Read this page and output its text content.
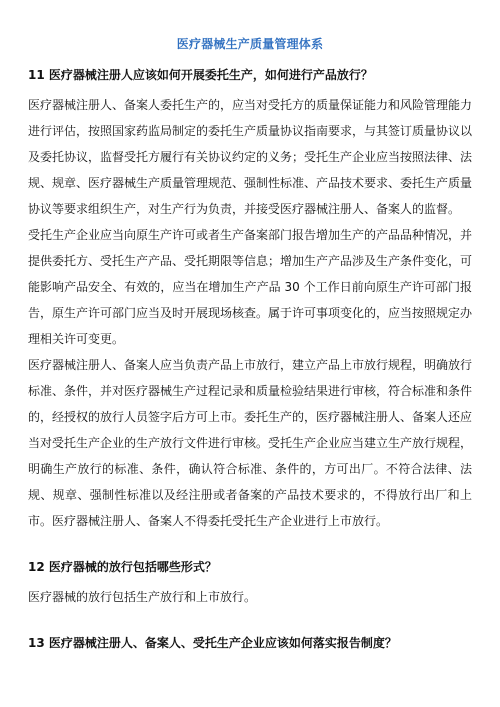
医疗器械生产质量管理体系
11 医疗器械注册人应该如何开展委托生产，如何进行产品放行？

医疗器械注册人、备案人委托生产的，应当对受托方的质量保证能力和风险管理能力进行评估，按照国家药监局制定的委托生产质量协议指南要求，与其签订质量协议以及委托协议，监督受托方履行有关协议约定的义务；受托生产企业应当按照法律、法规、规章、医疗器械生产质量管理规范、强制性标准、产品技术要求、委托生产质量协议等要求组织生产，对生产行为负责，并接受医疗器械注册人、备案人的监督。

受托生产企业应当向原生产许可或者生产备案部门报告增加生产的产品品种情况，并提供委托方、受托生产产品、受托期限等信息；增加生产产品涉及生产条件变化，可能影响产品安全、有效的，应当在增加生产产品 30 个工作日前向原生产许可部门报告，原生产许可部门应当及时开展现场核查。属于许可事项变化的，应当按照规定办理相关许可变更。

医疗器械注册人、备案人应当负责产品上市放行，建立产品上市放行规程，明确放行标准、条件，并对医疗器械生产过程记录和质量检验结果进行审核，符合标准和条件的，经授权的放行人员签字后方可上市。委托生产的，医疗器械注册人、备案人还应当对受托生产企业的生产放行文件进行审核。受托生产企业应当建立生产放行规程，明确生产放行的标准、条件，确认符合标准、条件的，方可出厂。不符合法律、法规、规章、强制性标准以及经注册或者备案的产品技术要求的，不得放行出厂和上市。医疗器械注册人、备案人不得委托受托生产企业进行上市放行。

12 医疗器械的放行包括哪些形式？

医疗器械的放行包括生产放行和上市放行。

13 医疗器械注册人、备案人、受托生产企业应该如何落实报告制度？
